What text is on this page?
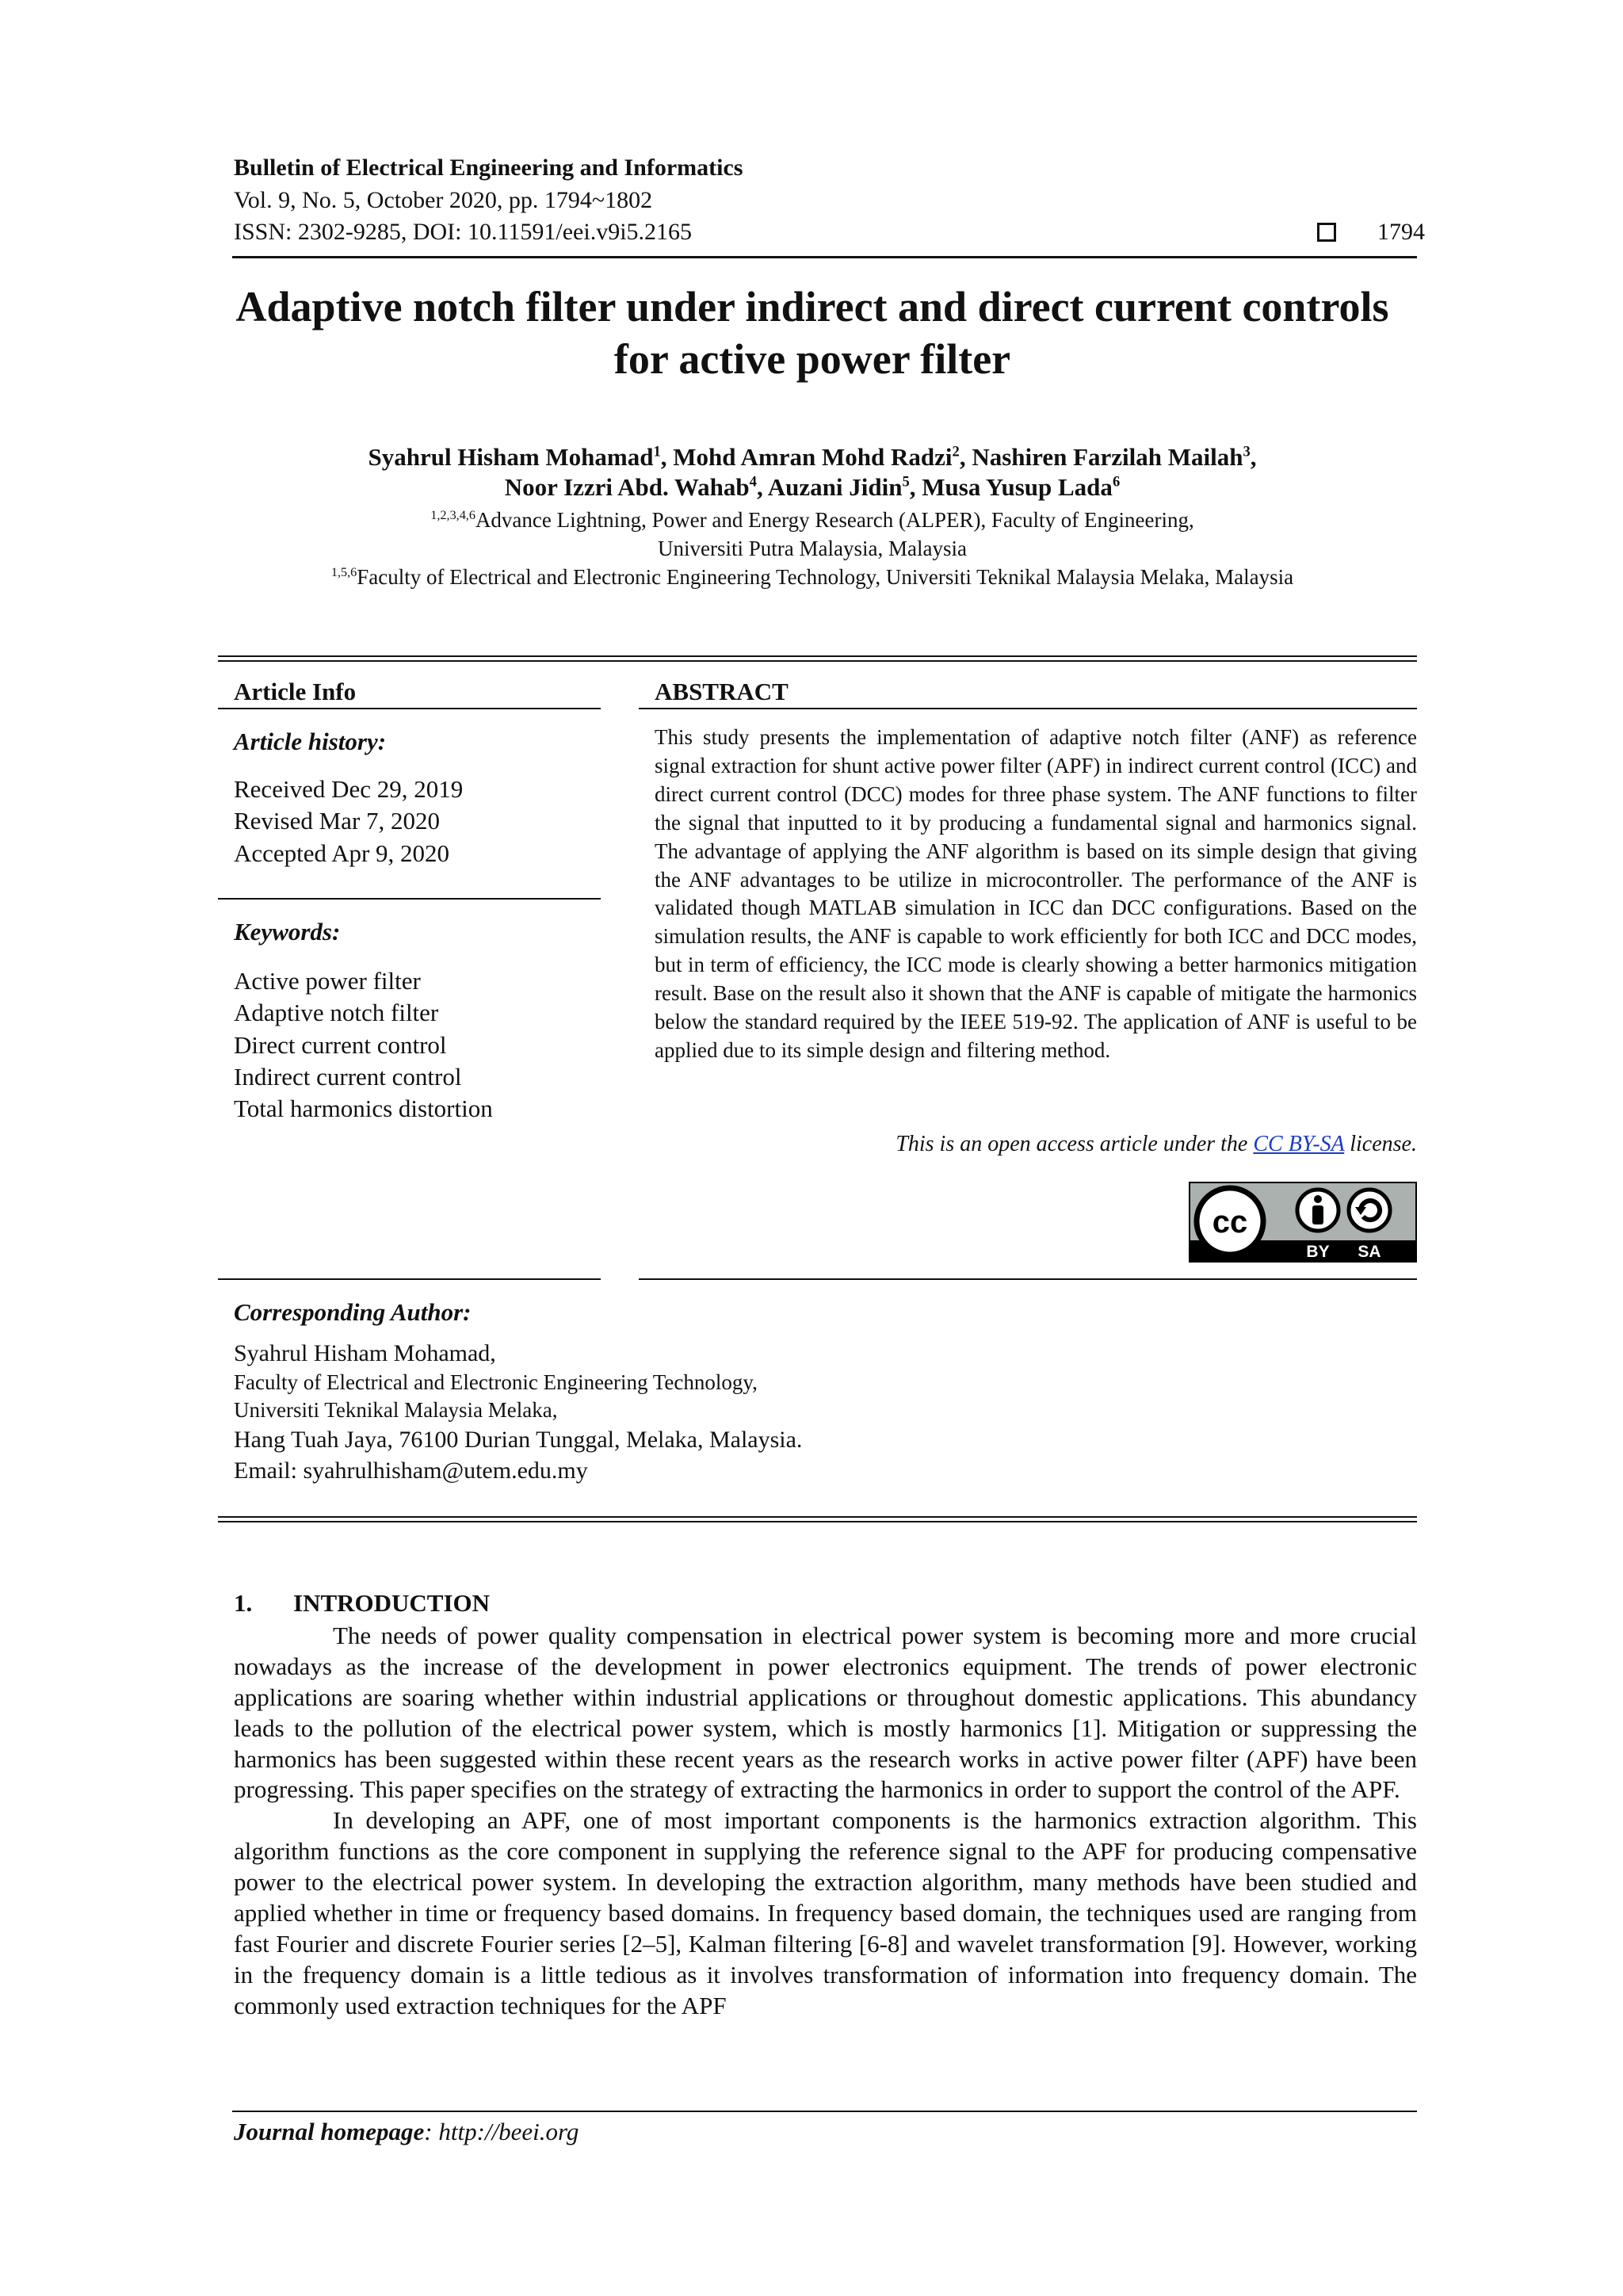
Bulletin of Electrical Engineering and Informatics
Vol. 9, No. 5, October 2020, pp. 1794~1802
ISSN: 2302-9285, DOI: 10.11591/eei.v9i5.2165	1794
Adaptive notch filter under indirect and direct current controls
for active power filter
Syahrul Hisham Mohamad$^1$, Mohd Amran Mohd Radzi$^2$, Nashiren Farzilah Mailah$^3$,
Noor Izzri Abd. Wahab$^4$, Auzani Jidin$^5$, Musa Yusup Lada$^6$
$^{1,2,3,4,6}$Advance Lightning, Power and Energy Research (ALPER), Faculty of Engineering,
Universiti Putra Malaysia, Malaysia
$^{1,5,6}$Faculty of Electrical and Electronic Engineering Technology, Universiti Teknikal Malaysia Melaka, Malaysia
Article Info
Article history:
Received Dec 29, 2019
Revised Mar 7, 2020
Accepted Apr 9, 2020
Keywords:
Active power filter
Adaptive notch filter
Direct current control
Indirect current control
Total harmonics distortion
ABSTRACT

This study presents the implementation of adaptive notch filter (ANF) as reference signal extraction for shunt active power filter (APF) in indirect current control (ICC) and direct current control (DCC) modes for three phase system. The ANF functions to filter the signal that inputted to it by producing a fundamental signal and harmonics signal. The advantage of applying the ANF algorithm is based on its simple design that giving the ANF advantages to be utilize in microcontroller. The performance of the ANF is validated though MATLAB simulation in ICC dan DCC configurations. Based on the simulation results, the ANF is capable to work efficiently for both ICC and DCC modes, but in term of efficiency, the ICC mode is clearly showing a better harmonics mitigation result. Base on the result also it shown that the ANF is capable of mitigate the harmonics below the standard required by the IEEE 519-92. The application of ANF is useful to be applied due to its simple design and filtering method.

This is an open access article under the CC BY-SA license.
cc
BY SA
Corresponding Author:
Syahrul Hisham Mohamad,
Faculty of Electrical and Electronic Engineering Technology,
Universiti Teknikal Malaysia Melaka,
Hang Tuah Jaya, 76100 Durian Tunggal, Melaka, Malaysia.
Email: syahrulhisham@utem.edu.my
1. INTRODUCTION

The needs of power quality compensation in electrical power system is becoming more and more crucial nowadays as the increase of the development in power electronics equipment. The trends of power electronic applications are soaring whether within industrial applications or throughout domestic applications. This abundancy leads to the pollution of the electrical power system, which is mostly harmonics [1]. Mitigation or suppressing the harmonics has been suggested within these recent years as the research works in active power filter (APF) have been progressing. This paper specifies on the strategy of extracting the harmonics in order to support the control of the APF.

In developing an APF, one of most important components is the harmonics extraction algorithm. This algorithm functions as the core component in supplying the reference signal to the APF for producing compensative power to the electrical power system. In developing the extraction algorithm, many methods have been studied and applied whether in time or frequency based domains. In frequency based domain, the techniques used are ranging from fast Fourier and discrete Fourier series [2–5], Kalman filtering [6-8] and wavelet transformation [9]. However, working in the frequency domain is a little tedious as it involves transformation of information into frequency domain. The commonly used extraction techniques for the APF

Journal homepage: http://beei.org
